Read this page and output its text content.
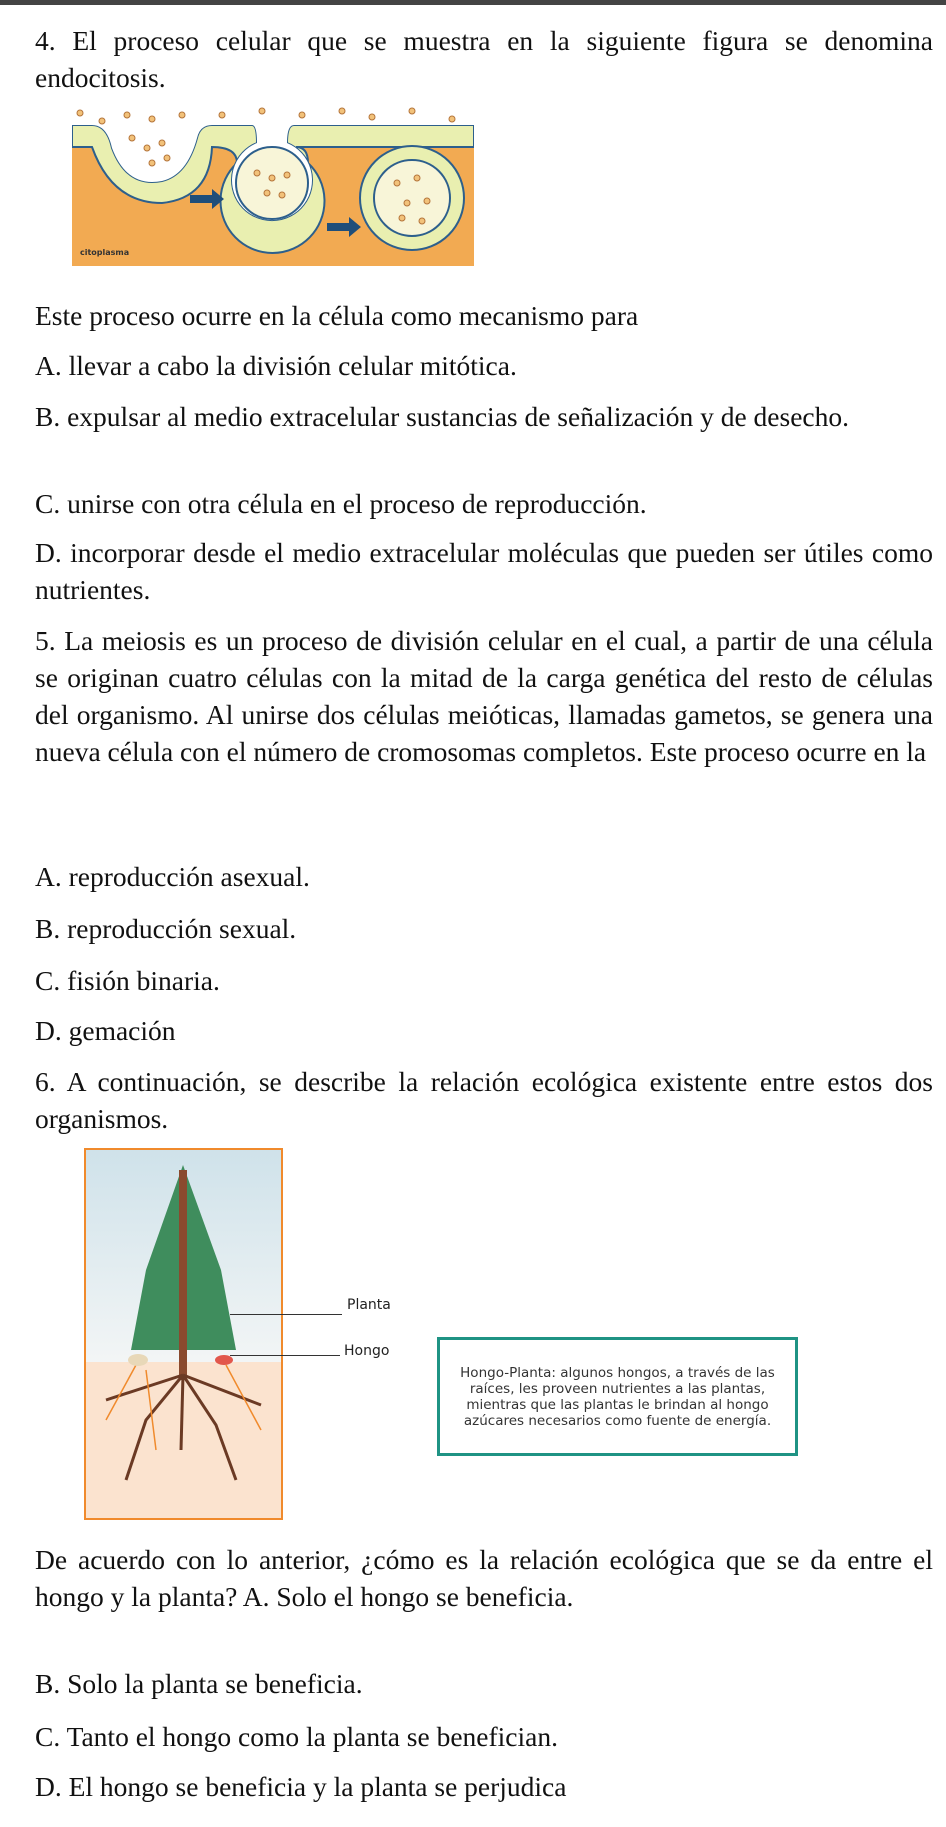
4. El proceso celular que se muestra en la siguiente figura se denomina endocitosis.

citoplasma

Este proceso ocurre en la célula como mecanismo para

A. llevar a cabo la división celular mitótica.

B. expulsar al medio extracelular sustancias de señalización y de desecho.

C. unirse con otra célula en el proceso de reproducción.

D. incorporar desde el medio extracelular moléculas que pueden ser útiles como nutrientes.

5. La meiosis es un proceso de división celular en el cual, a partir de una célula se originan cuatro células con la mitad de la carga genética del resto de células del organismo. Al unirse dos células meióticas, llamadas gametos, se genera una nueva célula con el número de cromosomas completos. Este proceso ocurre en la

A. reproducción asexual.

B. reproducción sexual.

C. fisión binaria.

D. gemación

6. A continuación, se describe la relación ecológica existente entre estos dos organismos.

Planta
Hongo
Hongo-Planta: algunos hongos, a través de las raíces, les proveen nutrientes a las plantas, mientras que las plantas le brindan al hongo azúcares necesarios como fuente de energía.

De acuerdo con lo anterior, ¿cómo es la relación ecológica que se da entre el hongo y la planta? A. Solo el hongo se beneficia.

B. Solo la planta se beneficia.

C. Tanto el hongo como la planta se benefician.

D. El hongo se beneficia y la planta se perjudica
